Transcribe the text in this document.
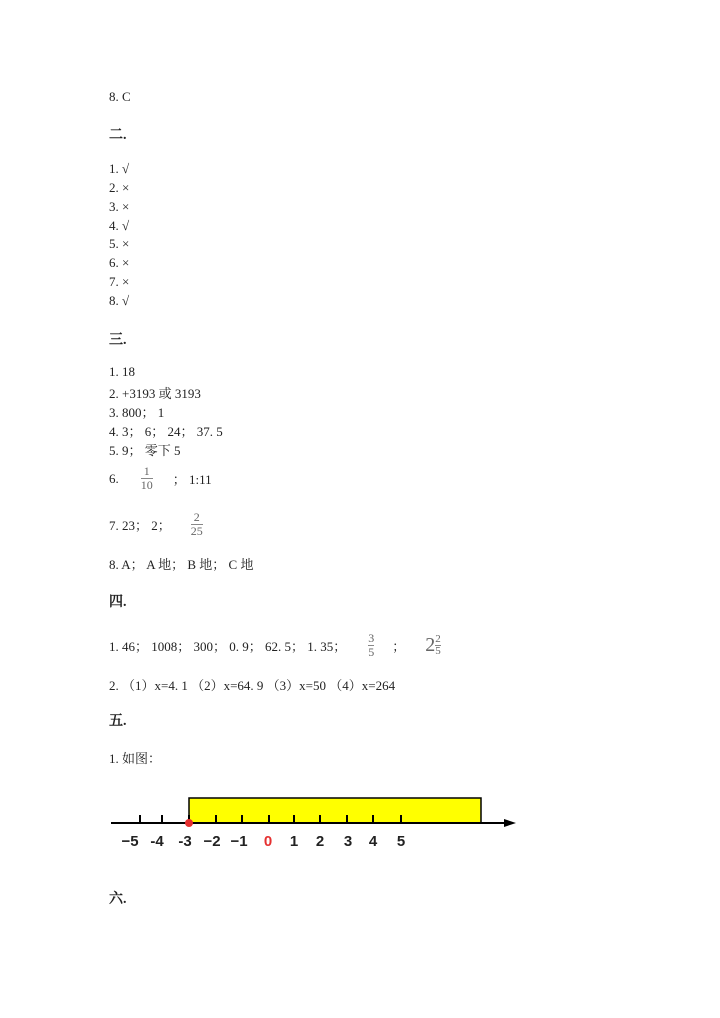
8. C
二.
1. √
2. ×
3. ×
4. √
5. ×
6. ×
7. ×
8. √
三.
1. 18
2. +3193 或 3193
3. 800； 1
4. 3； 6； 24； 37. 5
5. 9； 零下 5
6. $\frac{1}{10}$ ； 1:11
7. 23； 2； $\frac{2}{25}$
8. A； A 地； B 地； C 地
四.
1. 46； 1008； 300； 0. 9； 62. 5； 1. 35； $\frac{3}{5}$ ； $2 \frac{2}{5}$
2. （1）x=4. 1 （2）x=64. 9 （3）x=50 （4）x=264
五.
1. 如图：
−5 -4 -3 −2 −1 0 1 2 3 4 5
六.
